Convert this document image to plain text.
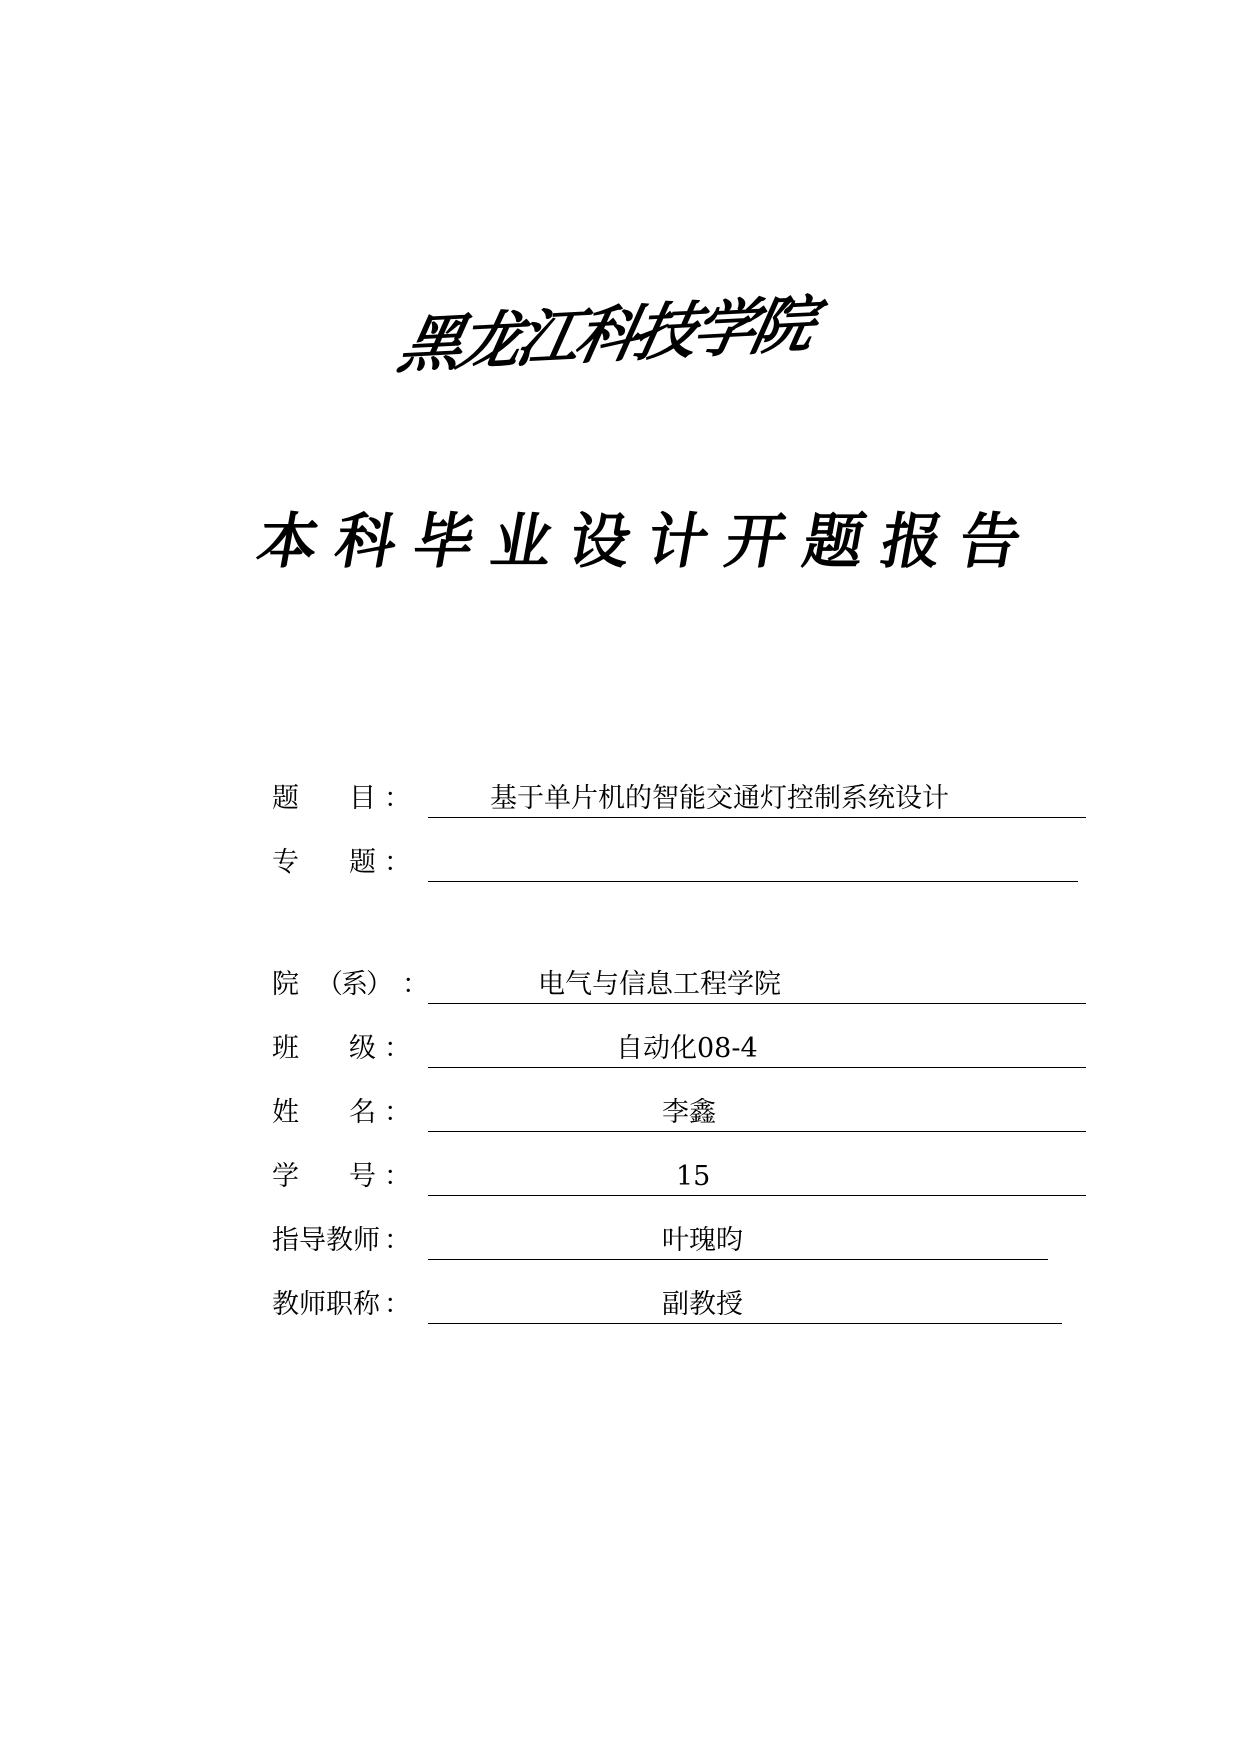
黑龙江科技学院
本科毕业设计开题报告
题 目 ：	基于单片机的智能交通灯控制系统设计
专 题 ：
院 （系） ：	电气与信息工程学院
班 级 ：	自动化08-4
姓 名 ：	李鑫
学 号 ：	15
指导教师 ：	叶瑰昀
教师职称 ：	副教授
